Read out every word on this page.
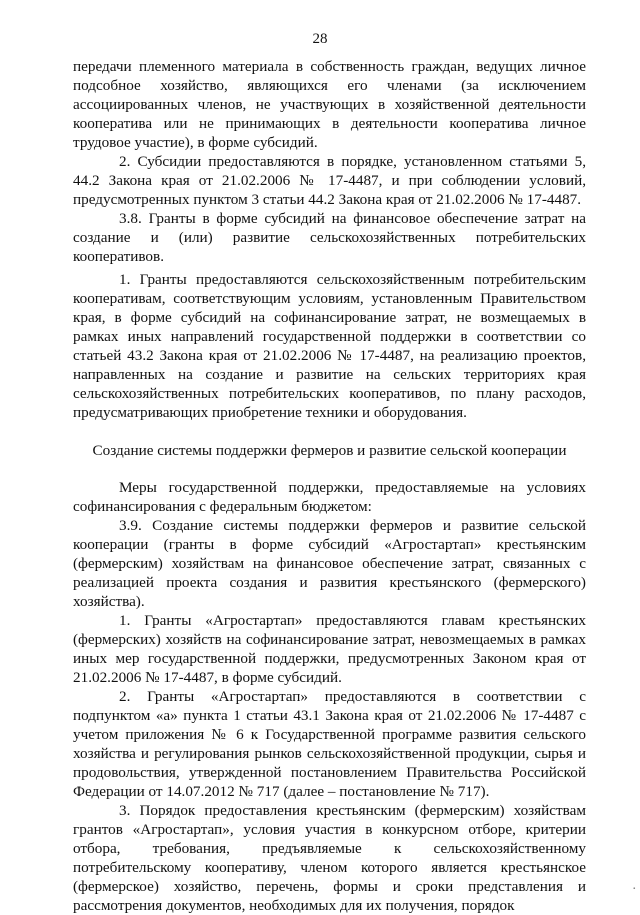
28

передачи племенного материала в собственность граждан, ведущих личное подсобное хозяйство, являющихся его членами (за исключением ассоциированных членов, не участвующих в хозяйственной деятельности кооператива или не принимающих в деятельности кооператива личное трудовое участие), в форме субсидий.

2. Субсидии предоставляются в порядке, установленном статьями 5, 44.2 Закона края от 21.02.2006 № 17-4487, и при соблюдении условий, предусмотренных пунктом 3 статьи 44.2 Закона края от 21.02.2006 № 17-4487.

3.8. Гранты в форме субсидий на финансовое обеспечение затрат на создание и (или) развитие сельскохозяйственных потребительских кооперативов.

1. Гранты предоставляются сельскохозяйственным потребительским кооперативам, соответствующим условиям, установленным Правительством края, в форме субсидий на софинансирование затрат, не возмещаемых в рамках иных направлений государственной поддержки в соответствии со статьей 43.2 Закона края от 21.02.2006 № 17-4487, на реализацию проектов, направленных на создание и развитие на сельских территориях края сельскохозяйственных потребительских кооперативов, по плану расходов, предусматривающих приобретение техники и оборудования.

Создание системы поддержки фермеров и развитие сельской кооперации

Меры государственной поддержки, предоставляемые на условиях софинансирования с федеральным бюджетом:

3.9. Создание системы поддержки фермеров и развитие сельской кооперации (гранты в форме субсидий «Агростартап» крестьянским (фермерским) хозяйствам на финансовое обеспечение затрат, связанных с реализацией проекта создания и развития крестьянского (фермерского) хозяйства).

1. Гранты «Агростартап» предоставляются главам крестьянских (фермерских) хозяйств на софинансирование затрат, невозмещаемых в рамках иных мер государственной поддержки, предусмотренных Законом края от 21.02.2006 № 17-4487, в форме субсидий.

2. Гранты «Агростартап» предоставляются в соответствии с подпунктом «а» пункта 1 статьи 43.1 Закона края от 21.02.2006 № 17-4487 с учетом приложения № 6 к Государственной программе развития сельского хозяйства и регулирования рынков сельскохозяйственной продукции, сырья и продовольствия, утвержденной постановлением Правительства Российской Федерации от 14.07.2012 № 717 (далее – постановление № 717).

3. Порядок предоставления крестьянским (фермерским) хозяйствам грантов «Агростартап», условия участия в конкурсном отборе, критерии отбора, требования, предъявляемые к сельскохозяйственному потребительскому кооперативу, членом которого является крестьянское (фермерское) хозяйство, перечень, формы и сроки представления и рассмотрения документов, необходимых для их получения, порядок

.
